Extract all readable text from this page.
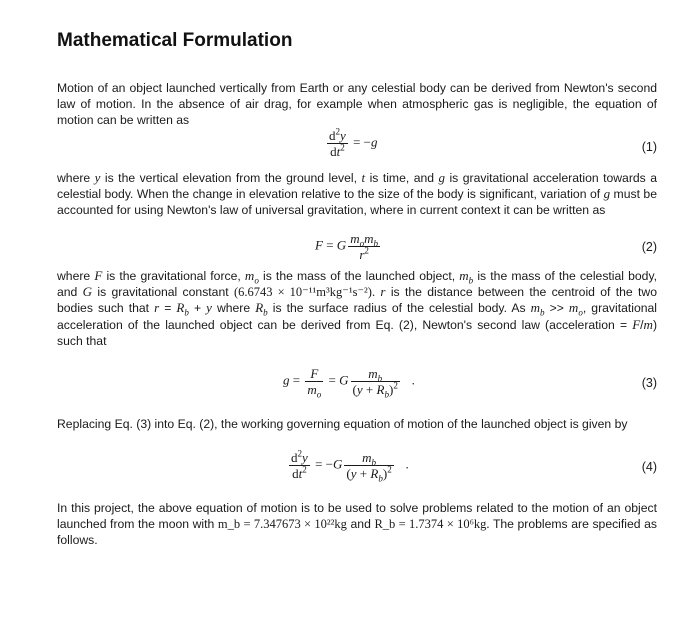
Mathematical Formulation

Motion of an object launched vertically from Earth or any celestial body can be derived from Newton's second law of motion. In the absence of air drag, for example when atmospheric gas is negligible, the equation of motion can be written as

$\frac{d^2y}{dt^2} = -g$	(1)

where y is the vertical elevation from the ground level, t is time, and g is gravitational acceleration towards a celestial body. When the change in elevation relative to the size of the body is significant, variation of g must be accounted for using Newton's law of universal gravitation, where in current context it can be written as

F = G $\frac{m_om_b}{r^2}$	(2)

where F is the gravitational force, $m_o$ is the mass of the launched object, $m_b$ is the mass of the celestial body, and G is gravitational constant (6.6743 × 10⁻¹¹m³kg⁻¹s⁻²). r is the distance between the centroid of the two bodies such that $r = R_b + y$ where $R_b$ is the surface radius of the celestial body. As $m_b >> m_o$, gravitational acceleration of the launched object can be derived from Eq. (2), Newton's second law (acceleration = F/m) such that

$g = \frac{F}{m_o} = G \frac{m_b}{(y + R_b)^2}$ .	(3)

Replacing Eq. (3) into Eq. (2), the working governing equation of motion of the launched object is given by

$\frac{d^2y}{dt^2} = -G \frac{m_b}{(y + R_b)^2}$ .	(4)

In this project, the above equation of motion is to be used to solve problems related to the motion of an object launched from the moon with m_b = 7.347673 × 10²²kg and R_b = 1.7374 × 10⁶kg. The problems are specified as follows.
